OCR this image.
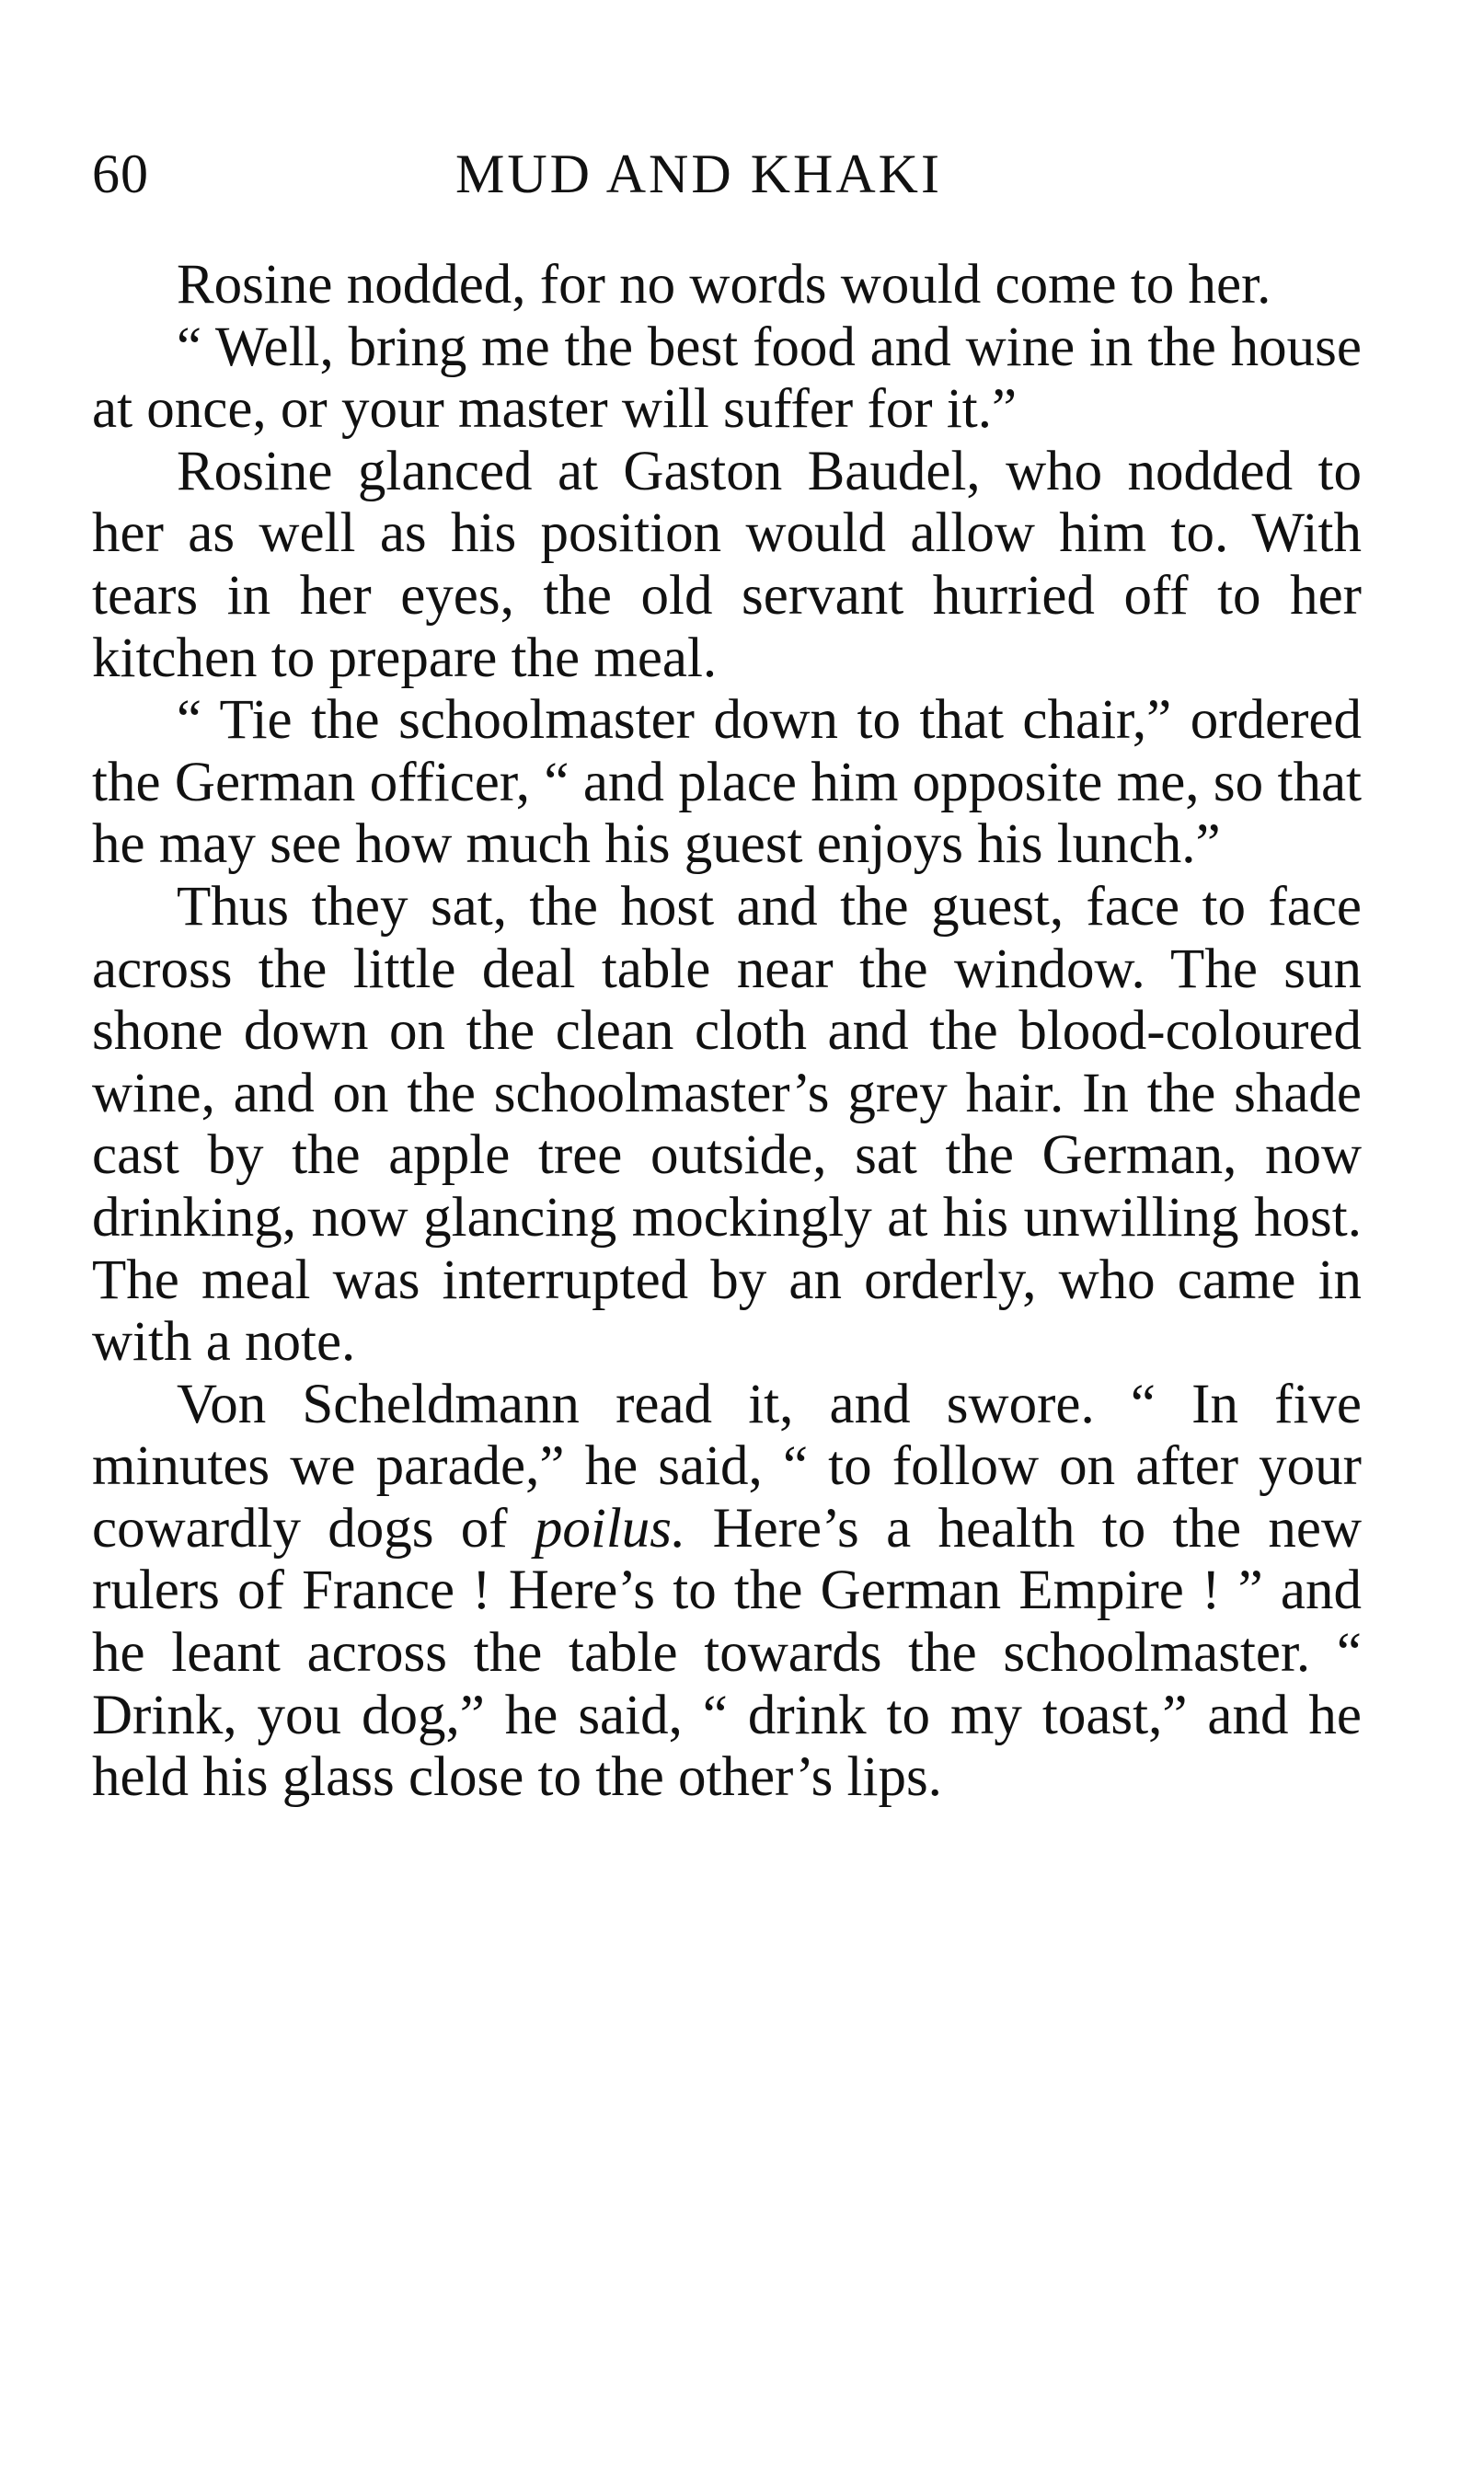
60	MUD AND KHAKI

Rosine nodded, for no words would come to her.

“ Well, bring me the best food and wine in the house at once, or your master will suffer for it.”

Rosine glanced at Gaston Baudel, who nodded to her as well as his position would allow him to. With tears in her eyes, the old servant hurried off to her kitchen to prepare the meal.

“ Tie the schoolmaster down to that chair,” ordered the German officer, “ and place him opposite me, so that he may see how much his guest enjoys his lunch.”

Thus they sat, the host and the guest, face to face across the little deal table near the window. The sun shone down on the clean cloth and the blood-coloured wine, and on the schoolmaster’s grey hair. In the shade cast by the apple tree outside, sat the German, now drinking, now glancing mockingly at his unwilling host. The meal was interrupted by an orderly, who came in with a note.

Von Scheldmann read it, and swore. “ In five minutes we parade,” he said, “ to follow on after your cowardly dogs of poilus. Here’s a health to the new rulers of France ! Here’s to the German Empire ! ” and he leant across the table towards the schoolmaster. “ Drink, you dog,” he said, “ drink to my toast,” and he held his glass close to the other’s lips.
